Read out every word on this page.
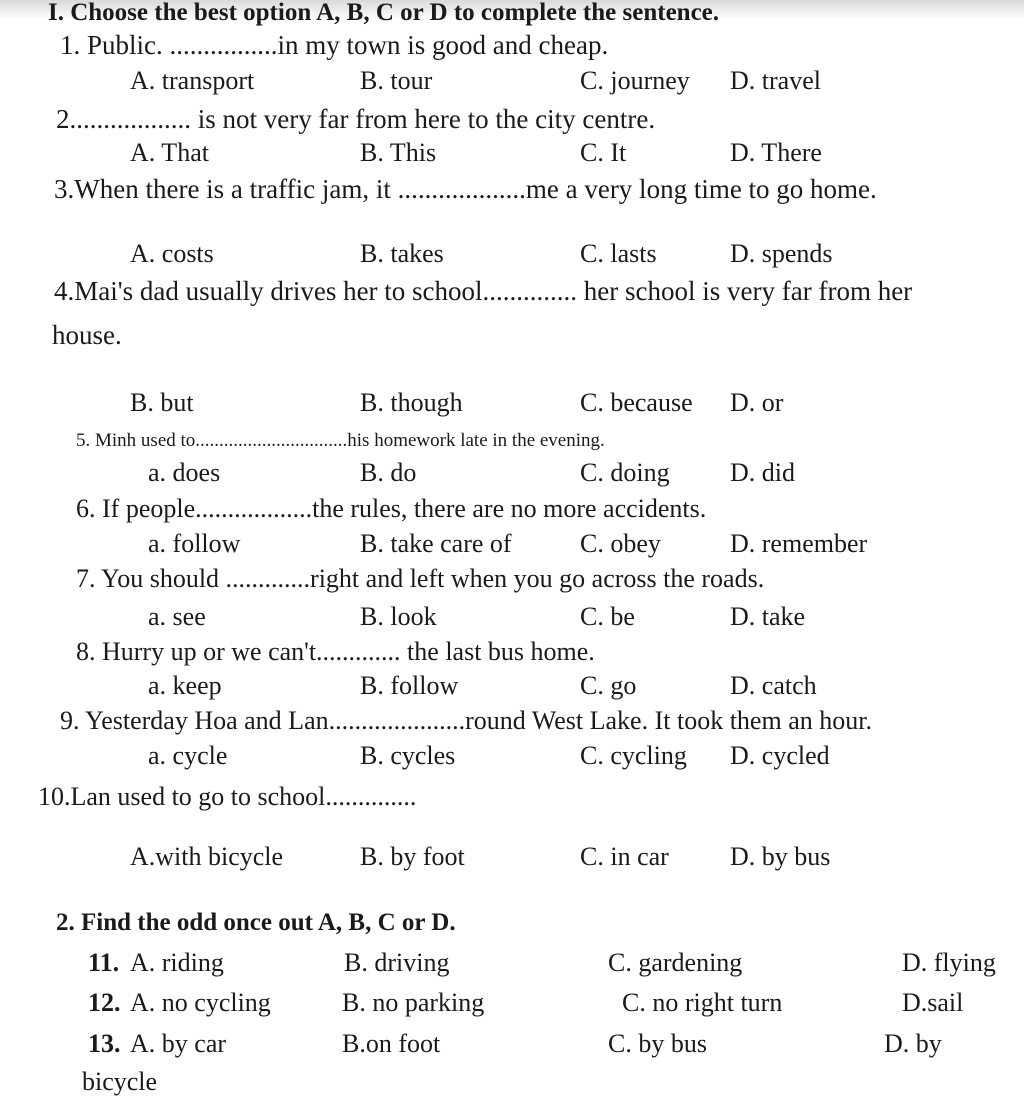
I. Choose the best option A, B, C or D to complete the sentence.
1. Public. ................in my town is good and cheap.
A. transport	B. tour	C. journey D. travel
2.................. is not very far from here to the city centre.
A. That	B. This	C. It	D. There
3.When there is a traffic jam, it ...................me a very long time to go home.
A. costs	B. takes	C. lasts	D. spends
4.Mai's dad usually drives her to school.............. her school is very far from her
house.
B. but	B. though	C. because D. or
5. Minh used to................................his homework late in the evening.
a. does	B. do	C. doing D. did
6. If people..................the rules, there are no more accidents.
a. follow	B. take care of	C. obey	D. remember
7. You should .............right and left when you go across the roads.
a. see	B. look	C. be	D. take
8. Hurry up or we can't............. the last bus home.
a. keep	B. follow	C. go	D. catch
9. Yesterday Hoa and Lan.....................round West Lake. It took them an hour.
a. cycle	B. cycles	C. cycling D. cycled
10.Lan used to go to school..............
A.with bicycle	B. by foot	C. in car D. by bus
2. Find the odd once out A, B, C or D.
11. A. riding	B. driving	C. gardening	D. flying
12. A. no cycling	B. no parking	C. no right turn	D.sail
13. A. by car	B.on foot	C. by bus	D. by
bicycle
